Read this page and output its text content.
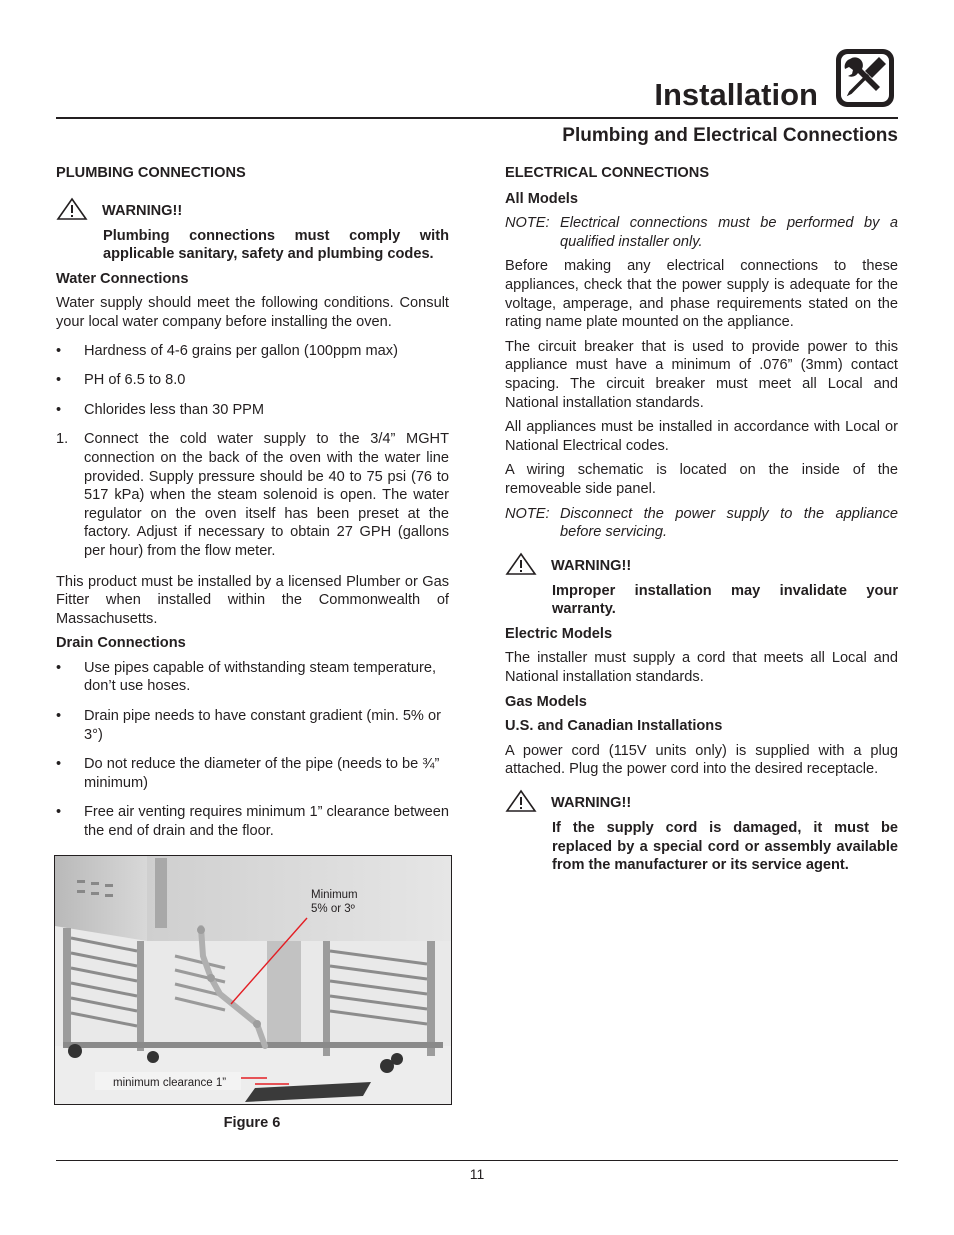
Installation
Plumbing and Electrical Connections
PLUMBING CONNECTIONS
WARNING!!
Plumbing connections must comply with applicable sanitary, safety and plumbing codes.
Water Connections

Water supply should meet the following conditions. Consult your local water company before installing the oven.

• Hardness of 4-6 grains per gallon (100ppm max)
• PH of 6.5 to 8.0
• Chlorides less than 30 PPM
1. Connect the cold water supply to the 3/4” MGHT connection on the back of the oven with the water line provided. Supply pressure should be 40 to 75 psi (76 to 517 kPa) when the steam solenoid is open. The water regulator on the oven itself has been preset at the factory. Adjust if necessary to obtain 27 GPH (gallons per hour) from the flow meter.

This product must be installed by a licensed Plumber or Gas Fitter when installed within the Commonwealth of Massachusetts.

Drain Connections
• Use pipes capable of withstanding steam temperature, don’t use hoses.
• Drain pipe needs to have constant gradient (min. 5% or 3°)
• Do not reduce the diameter of the pipe (needs to be ¾” minimum)
• Free air venting requires minimum 1” clearance between the end of drain and the floor.
Minimum
5% or 3º
minimum clearance 1”
Figure 6
ELECTRICAL CONNECTIONS
All Models
NOTE: Electrical connections must be performed by a qualified installer only.

Before making any electrical connections to these appliances, check that the power supply is adequate for the voltage, amperage, and phase requirements stated on the rating name plate mounted on the appliance.

The circuit breaker that is used to provide power to this appliance must have a minimum of .076” (3mm) contact spacing. The circuit breaker must meet all Local and National installation standards.

All appliances must be installed in accordance with Local or National Electrical codes.

A wiring schematic is located on the inside of the removeable side panel.

NOTE: Disconnect the power supply to the appliance before servicing.
WARNING!!
Improper installation may invalidate your warranty.
Electric Models

The installer must supply a cord that meets all Local and National installation standards.

Gas Models
U.S. and Canadian Installations

A power cord (115V units only) is supplied with a plug attached. Plug the power cord into the desired receptacle.

WARNING!!
If the supply cord is damaged, it must be replaced by a special cord or assembly available from the manufacturer or its service agent.
11
